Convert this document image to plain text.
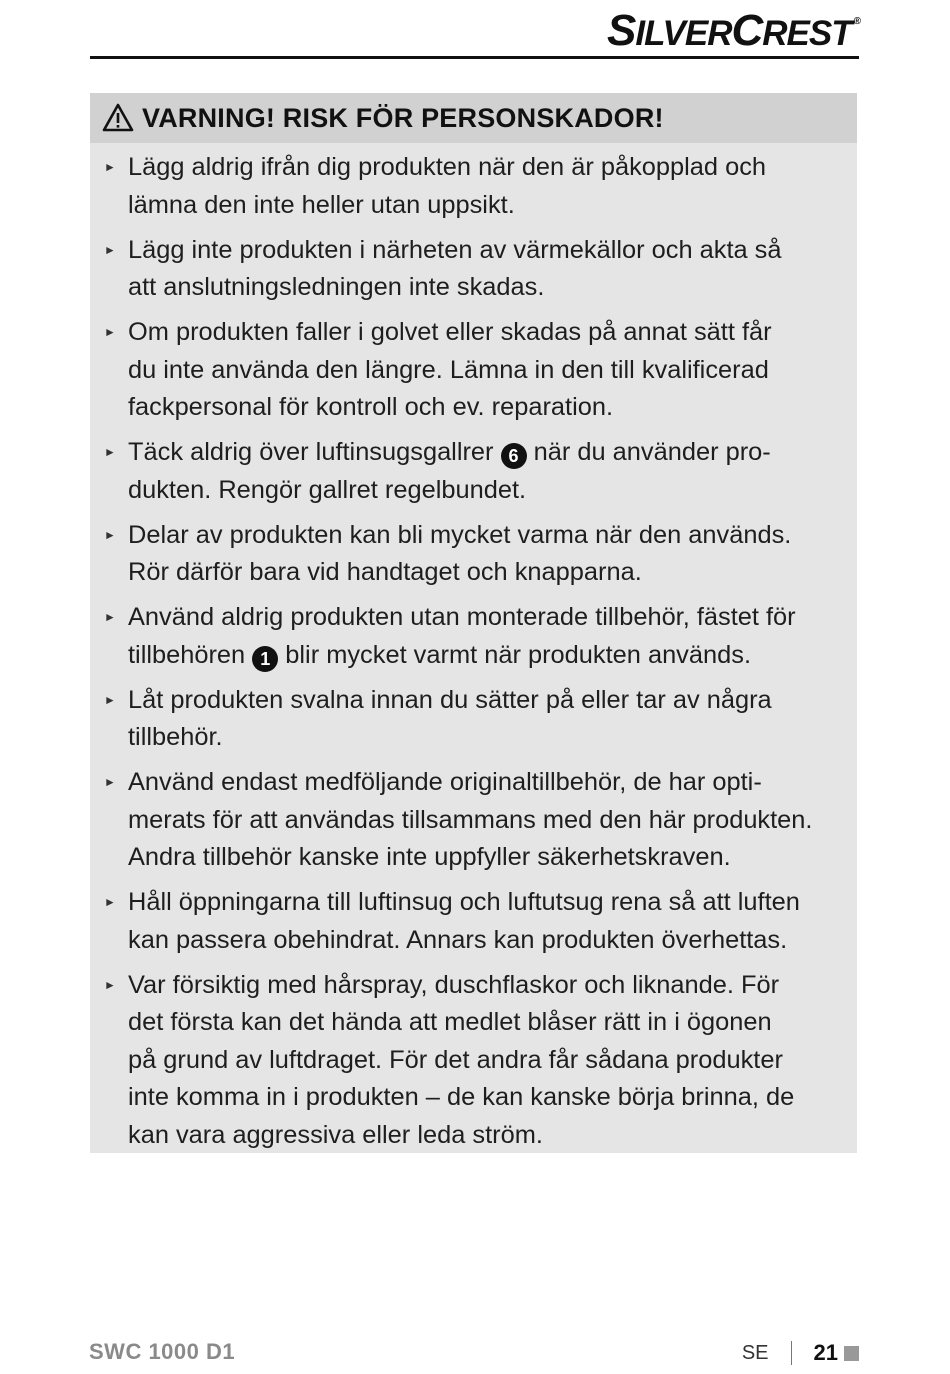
SILVERCREST ®
VARNING! RISK FÖR PERSONSKADOR!
► Lägg aldrig ifrån dig produkten när den är påkopplad och
lämna den inte heller utan uppsikt.
► Lägg inte produkten i närheten av värmekällor och akta så
att anslutningsledningen inte skadas.
► Om produkten faller i golvet eller skadas på annat sätt får
du inte använda den längre. Lämna in den till kvalificerad
fackpersonal för kontroll och ev. reparation.
► Täck aldrig över luftinsugsgallrer 6 när du använder pro-
dukten. Rengör gallret regelbundet.
► Delar av produkten kan bli mycket varma när den används.
Rör därför bara vid handtaget och knapparna.
► Använd aldrig produkten utan monterade tillbehör, fästet för
tillbehören 1 blir mycket varmt när produkten används.
► Låt produkten svalna innan du sätter på eller tar av några
tillbehör.
► Använd endast medföljande originaltillbehör, de har opti-
merats för att användas tillsammans med den här produkten.
Andra tillbehör kanske inte uppfyller säkerhetskraven.
► Håll öppningarna till luftinsug och luftutsug rena så att luften
kan passera obehindrat. Annars kan produkten överhettas.
► Var försiktig med hårspray, duschflaskor och liknande. För
det första kan det hända att medlet blåser rätt in i ögonen
på grund av luftdraget. För det andra får sådana produkter
inte komma in i produkten – de kan kanske börja brinna, de
kan vara aggressiva eller leda ström.
SWC 1000 D1	SE 21
